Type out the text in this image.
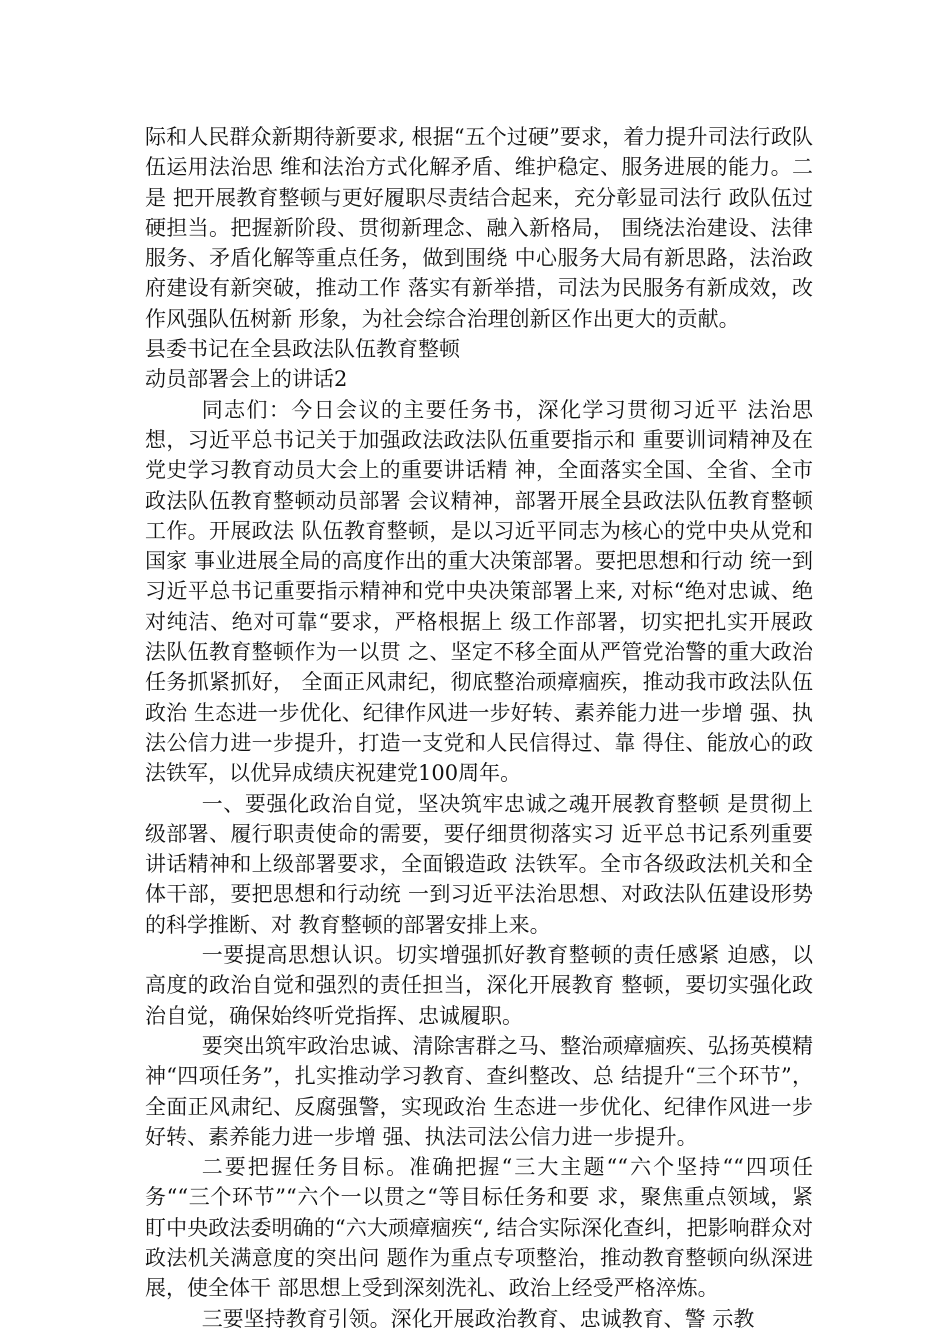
际和人民群众新期待新要求, 根据“五个过硬”要求，着力提升司法行政队伍运用法治思 维和法治方式化解矛盾、维护稳定、服务进展的能力。二是 把开展教育整顿与更好履职尽责结合起来，充分彰显司法行 政队伍过硬担当。把握新阶段、贯彻新理念、融入新格局， 围绕法治建设、法律服务、矛盾化解等重点任务，做到围绕 中心服务大局有新思路，法治政府建设有新突破，推动工作 落实有新举措，司法为民服务有新成效，改作风强队伍树新 形象，为社会综合治理创新区作出更大的贡献。

县委书记在全县政法队伍教育整顿

动员部署会上的讲话2

同志们：今日会议的主要任务书，深化学习贯彻习近平 法治思想，习近平总书记关于加强政法政法队伍重要指示和 重要训词精神及在党史学习教育动员大会上的重要讲话精 神，全面落实全国、全省、全市政法队伍教育整顿动员部署 会议精神，部署开展全县政法队伍教育整顿工作。开展政法 队伍教育整顿，是以习近平同志为核心的党中央从党和国家 事业进展全局的高度作出的重大决策部署。要把思想和行动 统一到习近平总书记重要指示精神和党中央决策部署上来, 对标“绝对忠诚、绝对纯洁、绝对可靠“要求，严格根据上 级工作部署，切实把扎实开展政法队伍教育整顿作为一以贯 之、坚定不移全面从严管党治警的重大政治任务抓紧抓好， 全面正风肃纪，彻底整治顽瘴痼疾，推动我市政法队伍政治 生态进一步优化、纪律作风进一步好转、素养能力进一步增 强、执法公信力进一步提升，打造一支党和人民信得过、靠 得住、能放心的政法铁军，以优异成绩庆祝建党100周年。

一、要强化政治自觉，坚决筑牢忠诚之魂开展教育整顿 是贯彻上级部署、履行职责使命的需要，要仔细贯彻落实习 近平总书记系列重要讲话精神和上级部署要求，全面锻造政 法铁军。全市各级政法机关和全体干部，要把思想和行动统 一到习近平法治思想、对政法队伍建设形势的科学推断、对 教育整顿的部署安排上来。

一要提高思想认识。切实增强抓好教育整顿的责任感紧 迫感，以高度的政治自觉和强烈的责任担当，深化开展教育 整顿，要切实强化政治自觉，确保始终听党指挥、忠诚履职。

要突出筑牢政治忠诚、清除害群之马、整治顽瘴痼疾、弘扬英模精神“四项任务”，扎实推动学习教育、查纠整改、总 结提升“三个环节”，全面正风肃纪、反腐强警，实现政治 生态进一步优化、纪律作风进一步好转、素养能力进一步增 强、执法司法公信力进一步提升。

二要把握任务目标。准确把握“三大主题““六个坚持““四项任务““三个环节”“六个一以贯之“等目标任务和要 求，聚焦重点领域，紧盯中央政法委明确的“六大顽瘴痼疾“, 结合实际深化查纠，把影响群众对政法机关满意度的突出问 题作为重点专项整治，推动教育整顿向纵深进展，使全体干 部思想上受到深刻洗礼、政治上经受严格淬炼。

三要坚持教育引领。深化开展政治教育、忠诚教育、警 示教
